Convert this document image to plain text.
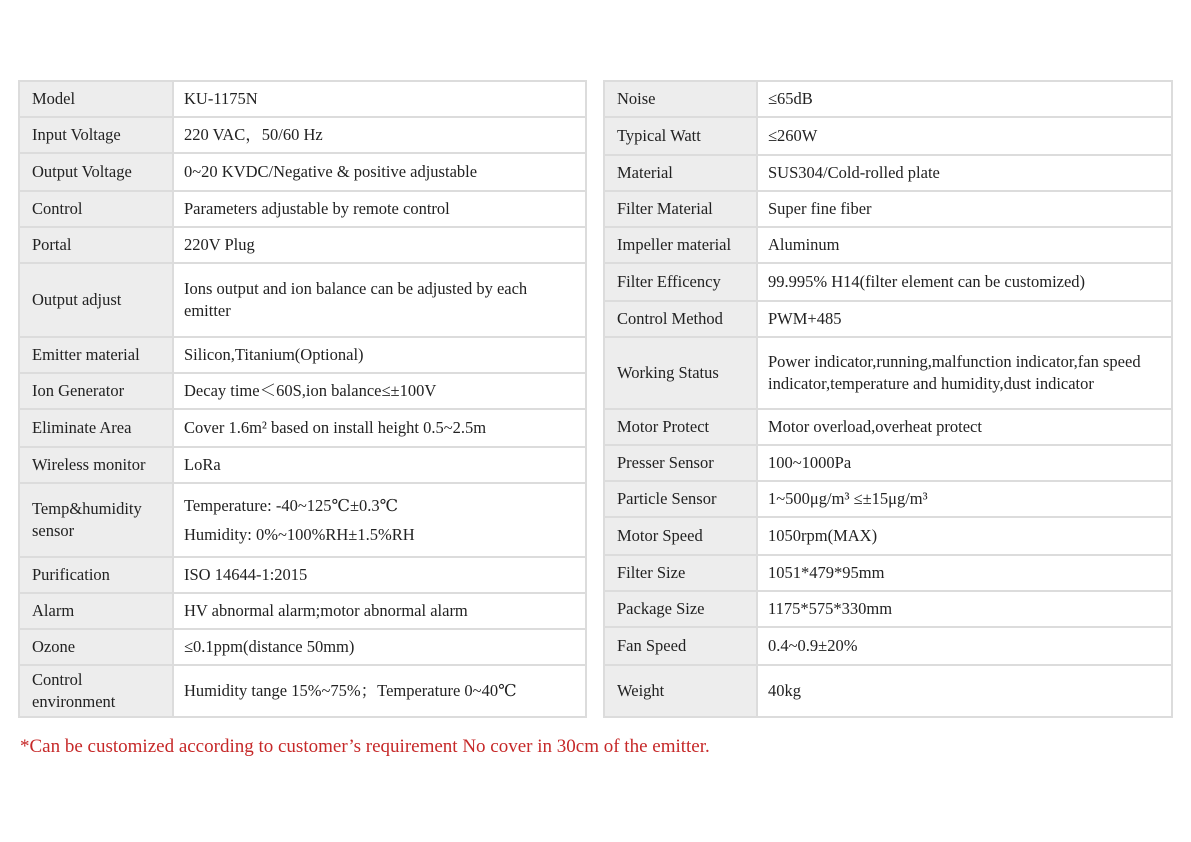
Model	KU-1175N
Input Voltage	220 VAC，50/60 Hz
Output Voltage	0~20 KVDC/Negative & positive adjustable
Control	Parameters adjustable by remote control
Portal	220V Plug
Output adjust	Ions output and ion balance can be adjusted by each emitter
Emitter material	Silicon,Titanium(Optional)
Ion Generator	Decay time＜60S,ion balance≤±100V
Eliminate Area	Cover 1.6m² based on install height 0.5~2.5m
Wireless monitor	LoRa
Temp&humidity sensor	Temperature: -40~125℃±0.3℃
Humidity: 0%~100%RH±1.5%RH

Purification	ISO 14644-1:2015
Alarm	HV abnormal alarm;motor abnormal alarm
Ozone	≤0.1ppm(distance 50mm)
Control environment	Humidity tange 15%~75%；Temperature 0~40℃
Noise	≤65dB
Typical Watt	≤260W
Material	SUS304/Cold-rolled plate
Filter Material	Super fine fiber
Impeller material	Aluminum
Filter Efficency	99.995% H14(filter element can be customized)
Control Method	PWM+485
Working Status	Power indicator,running,malfunction indicator,fan speed indicator,temperature and humidity,dust indicator
Motor Protect	Motor overload,overheat protect
Presser Sensor	100~1000Pa
Particle Sensor	1~500μg/m³ ≤±15μg/m³
Motor Speed	1050rpm(MAX)
Filter Size	1051*479*95mm
Package Size	1175*575*330mm
Fan Speed	0.4~0.9±20%
Weight	40kg
*Can be customized according to customer’s requirement No cover in 30cm of the emitter.
